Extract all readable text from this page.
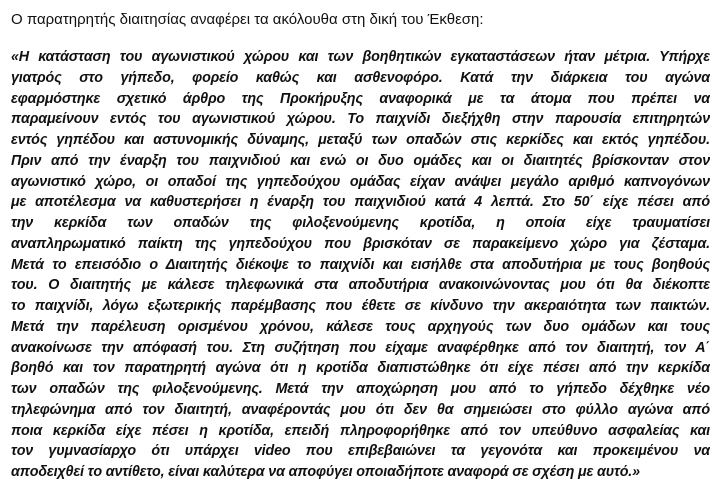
Ο παρατηρητής διαιτησίας αναφέρει τα ακόλουθα στη δική του Έκθεση:

«Η κατάσταση του αγωνιστικού χώρου και των βοηθητικών εγκαταστάσεων ήταν μέτρια. Υπήρχε
γιατρός στο γήπεδο, φορείο καθώς και ασθενοφόρο. Κατά την διάρκεια του αγώνα
εφαρμόστηκε σχετικό άρθρο της Προκήρυξης αναφορικά με τα άτομα που πρέπει να
παραμείνουν εντός του αγωνιστικού χώρου. Το παιχνίδι διεξήχθη στην παρουσία επιτηρητών
εντός γηπέδου και αστυνομικής δύναμης, μεταξύ των οπαδών στις κερκίδες και εκτός γηπέδου.
Πριν από την έναρξη του παιχνιδιού και ενώ οι δυο ομάδες και οι διαιτητές βρίσκονταν στον
αγωνιστικό χώρο, οι οπαδοί της γηπεδούχου ομάδας είχαν ανάψει μεγάλο αριθμό καπνογόνων
με αποτέλεσμα να καθυστερήσει η έναρξη του παιχνιδιού κατά 4 λεπτά. Στο 50΄ είχε πέσει από
την κερκίδα των οπαδών της φιλοξενούμενης κροτίδα, η οποία είχε τραυματίσει
αναπληρωματικό παίκτη της γηπεδούχου που βρισκόταν σε παρακείμενο χώρο για ζέσταμα.
Μετά το επεισόδιο ο Διαιτητής διέκοψε το παιχνίδι και εισήλθε στα αποδυτήρια με τους βοηθούς
του. Ο διαιτητής με κάλεσε τηλεφωνικά στα αποδυτήρια ανακοινώνοντας μου ότι θα διέκοπτε
το παιχνίδι, λόγω εξωτερικής παρέμβασης που έθετε σε κίνδυνο την ακεραιότητα των παικτών.
Μετά την παρέλευση ορισμένου χρόνου, κάλεσε τους αρχηγούς των δυο ομάδων και τους
ανακοίνωσε την απόφασή του. Στη συζήτηση που είχαμε αναφέρθηκε από τον διαιτητή, τον Α΄
βοηθό και τον παρατηρητή αγώνα ότι η κροτίδα διαπιστώθηκε ότι είχε πέσει από την κερκίδα
των οπαδών της φιλοξενούμενης. Μετά την αποχώρηση μου από το γήπεδο δέχθηκε νέο
τηλεφώνημα από τον διαιτητή, αναφέροντάς μου ότι δεν θα σημειώσει στο φύλλο αγώνα από
ποια κερκίδα είχε πέσει η κροτίδα, επειδή πληροφορήθηκε από τον υπεύθυνο ασφαλείας και
τον γυμνασίαρχο ότι υπάρχει video που επιβεβαιώνει τα γεγονότα και προκειμένου να
αποδειχθεί το αντίθετο, είναι καλύτερα να αποφύγει οποιαδήποτε αναφορά σε σχέση με αυτό.»
